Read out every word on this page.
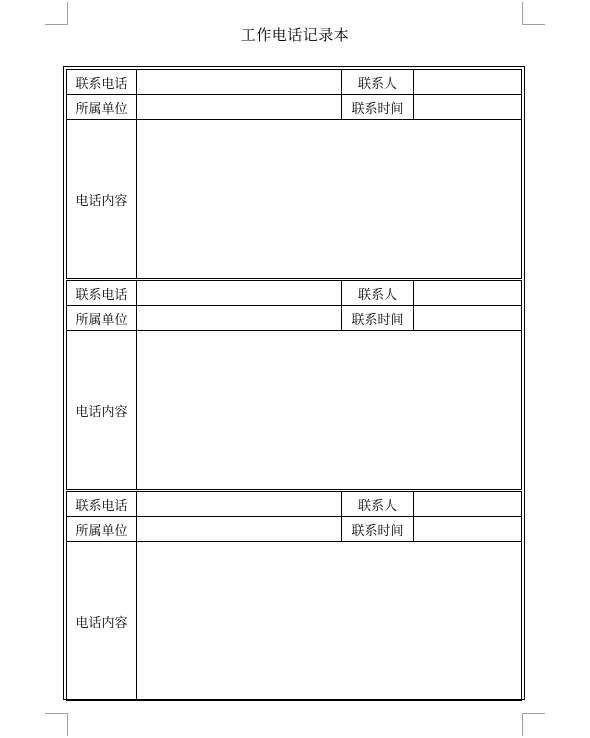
工作电话记录本
联系电话		联系人	
所属单位		联系时间	
电话内容			
联系电话		联系人	
所属单位		联系时间	
电话内容			
联系电话		联系人	
所属单位		联系时间	
电话内容			
